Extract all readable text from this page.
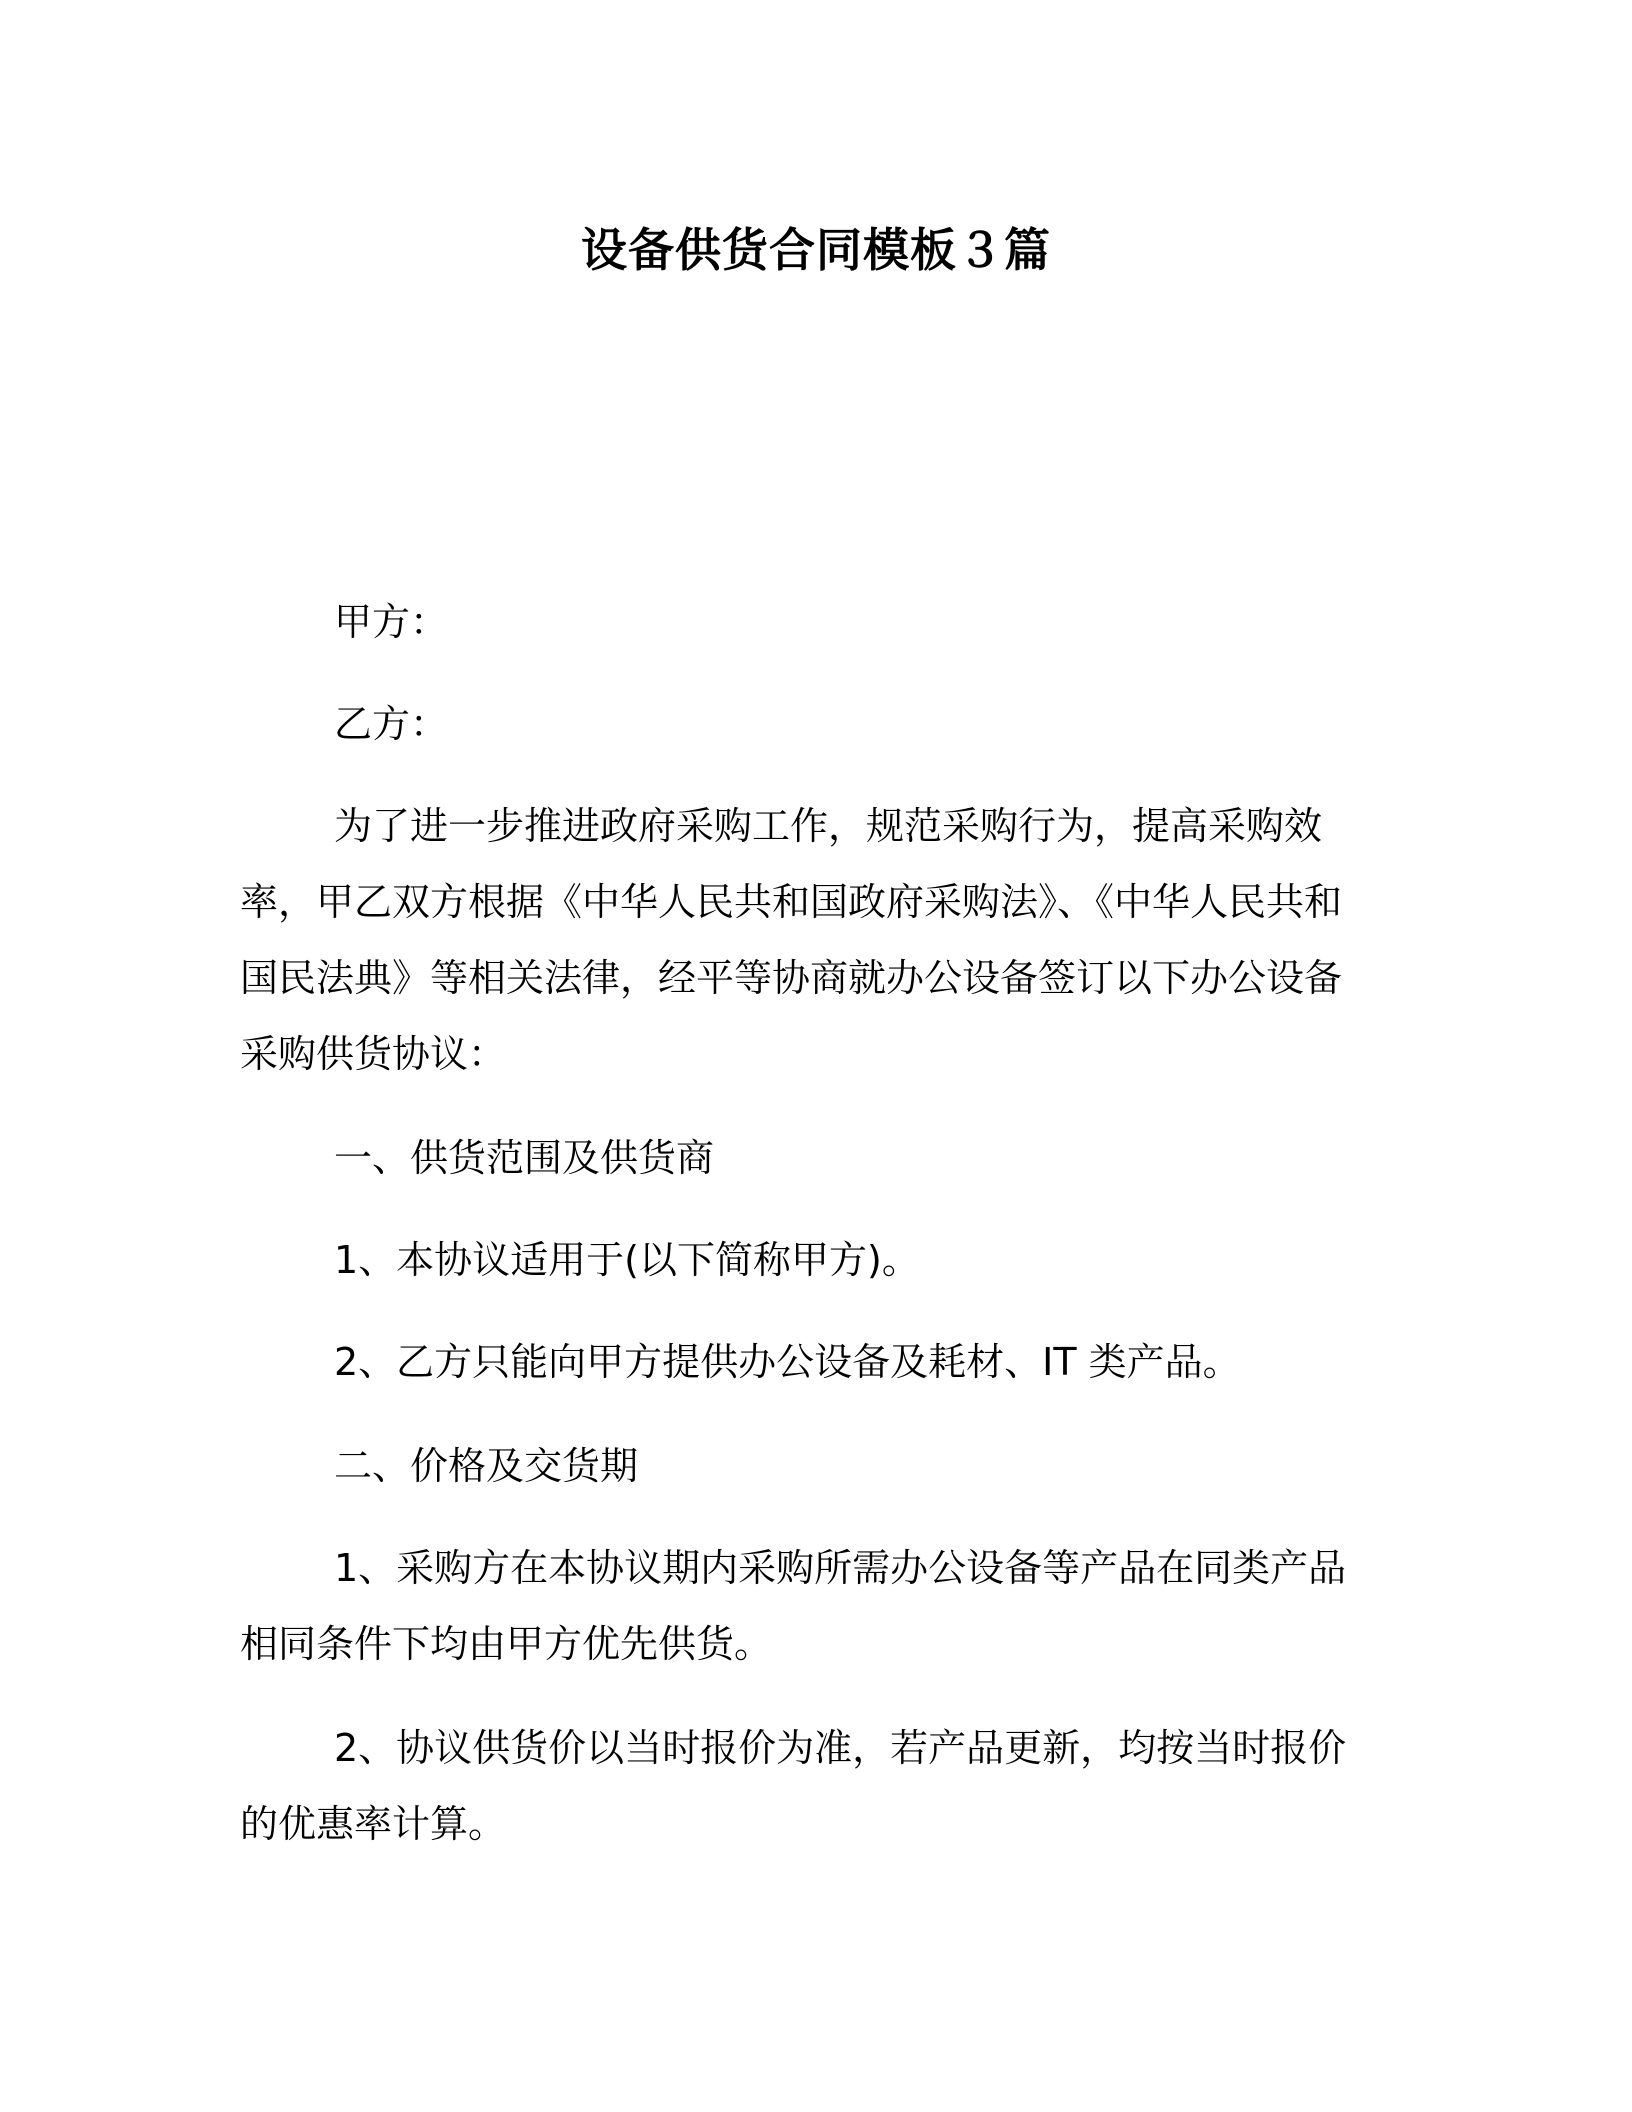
设备供货合同模板３篇

甲方：

乙方：

为了进一步推进政府采购工作，规范采购行为，提高采购效率，甲乙双方根据《中华人民共和国政府采购法》、《中华人民共和国民法典》等相关法律，经平等协商就办公设备签订以下办公设备采购供货协议：

一、供货范围及供货商

1、本协议适用于(以下简称甲方)。

2、乙方只能向甲方提供办公设备及耗材、IT 类产品。

二、价格及交货期

1、采购方在本协议期内采购所需办公设备等产品在同类产品相同条件下均由甲方优先供货。

2、协议供货价以当时报价为准，若产品更新，均按当时报价的优惠率计算。
